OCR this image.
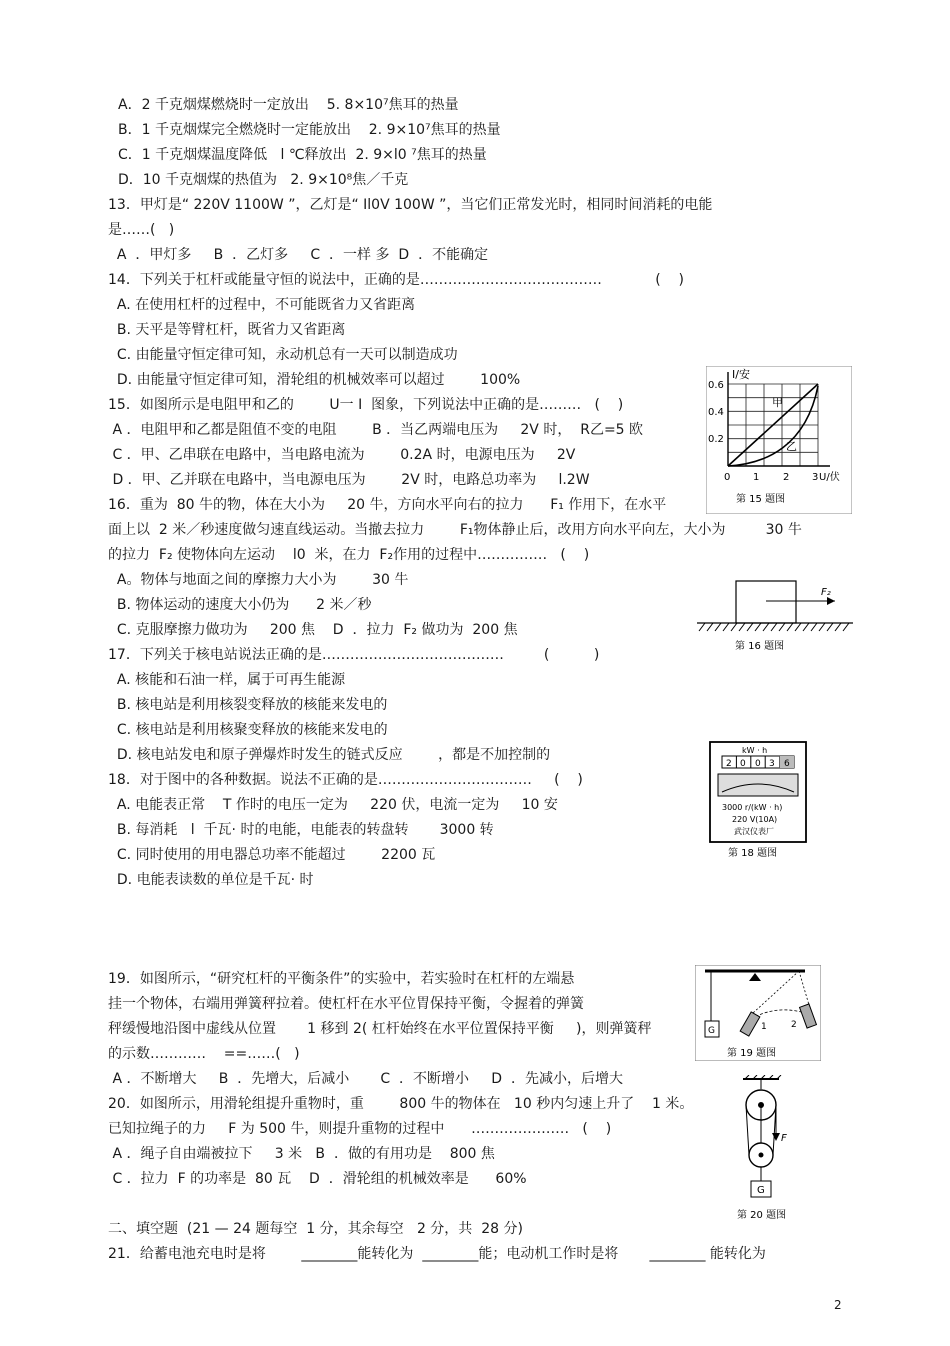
A．2 千克烟煤燃烧时一定放出    5. 8×10⁷焦耳的热量
B．1 千克烟煤完全燃烧时一定能放出    2. 9×10⁷焦耳的热量
C．1 千克烟煤温度降低   l ℃释放出  2. 9×l0 ⁷焦耳的热量
D．10 千克烟煤的热值为   2. 9×10⁸焦／千克
13．甲灯是“ 220V 1100W ”，乙灯是“ Il0V 100W ”，当它们正常发光时，相同时间消耗的电能
是……(   )
A  ．甲灯多     B  ．乙灯多     C  ．一样 多  D  ．不能确定
14．下列关于杠杆或能量守恒的说法中，正确的是…………………………………            (    )
A. 在使用杠杆的过程中，不可能既省力又省距离
B. 天平是等臂杠杆，既省力又省距离
C. 由能量守恒定律可知，永动机总有一天可以制造成功
D. 由能量守恒定律可知，滑轮组的机械效率可以超过        100%
15．如图所示是电阻甲和乙的        U一 I  图象，下列说法中正确的是………   (    )
A ．电阻甲和乙都是阻值不变的电阻        B ．当乙两端电压为     2V 时，  R乙=5 欧
C ．甲、乙串联在电路中，当电路电流为        0.2A 时，电源电压为     2V
D ．甲、乙并联在电路中，当电源电压为        2V 时，电路总功率为     l.2W
16．重为  80 牛的物，体在大小为     20 牛，方向水平向右的拉力      F₁ 作用下，在水平
面上以  2 米／秒速度做匀速直线运动。当撤去拉力        F₁物体静止后，改用方向水平向左，大小为         30 牛
的拉力  F₂ 使物体向左运动    l0  米，在力  F₂作用的过程中……………   (    )
A。物体与地面之间的摩擦力大小为        30 牛
B. 物体运动的速度大小仍为      2 米／秒
C. 克服摩擦力做功为     200 焦    D  ．拉力  F₂ 做功为  200 焦
17．下列关于核电站说法正确的是…………………………………         (          )
A. 核能和石油一样，属于可再生能源
B. 核电站是利用核裂变释放的核能来发电的
C. 核电站是利用核聚变释放的核能来发电的
D. 核电站发电和原子弹爆炸时发生的链式反应        ，都是不加控制的
18．对于图中的各种数据。说法不正确的是……………………………     (    )
A. 电能表正常    T 作时的电压一定为     220 伏，电流一定为     10 安
B. 每消耗   l  千瓦· 时的电能，电能表的转盘转       3000 转
C. 同时使用的用电器总功率不能超过        2200 瓦
D. 电能表读数的单位是千瓦· 时
19．如图所示，“研究杠杆的平衡条件”的实验中，若实验时在杠杆的左端悬
挂一个物体，右端用弹簧秤拉着。使杠杆在水平位胃保持平衡，令握着的弹簧
秤缓慢地沿图中虚线从位置       1 移到 2( 杠杆始终在水平位置保持平衡     )，则弹簧秤
的示数…………    ==……(   )
A ．不断增大     B  ．先增大，后减小       C  ．不断增小     D  ．先减小，后增大
20．如图所示，用滑轮组提升重物时，重        800 牛的物体在   10 秒内匀速上升了    1 米。
已知拉绳子的力     F 为 500 牛，则提升重物的过程中      …………………   (    )
A ．绳子自由端被拉下     3 米   B  ．做的有用功是    800 焦
C ．拉力  F 的功率是  80 瓦    D  ．滑轮组的机械效率是      60%
二、填空题  (21 — 24 题每空  1 分，其余每空   2 分，共  28 分)
21．给蓄电池充电时是将        ________能转化为  ________能；电动机工作时是将       ________ 能转化为
I/安
0.6
0.4
0.2
0 1 2 3 U/伏
甲
乙
第 15 题图
F₂
第 16 题图
kW · h
2 0 0 3 6
3000 r/(kW · h)
220 V(10A)
武汉仪表厂
第 18 题图
G	1	2
第 19 题图
F
G
第 20 题图
2
